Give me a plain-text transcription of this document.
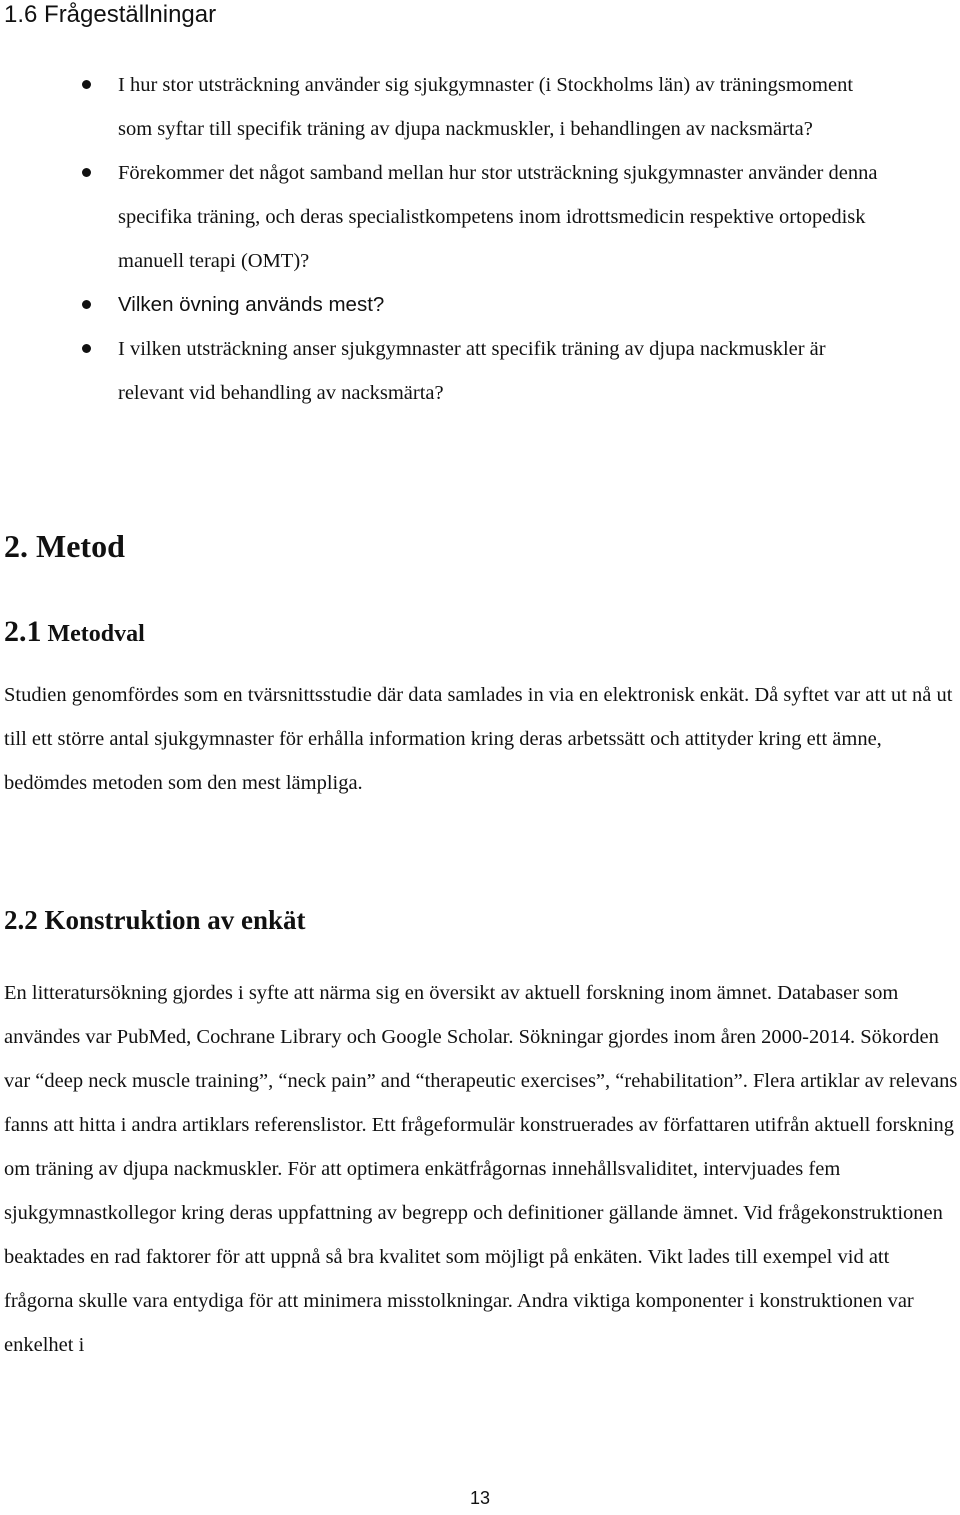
1.6 Frågeställningar
I hur stor utsträckning använder sig sjukgymnaster (i Stockholms län) av träningsmoment som syftar till specifik träning av djupa nackmuskler, i behandlingen av nacksmärta?
Förekommer det något samband mellan hur stor utsträckning sjukgymnaster använder denna specifika träning, och deras specialistkompetens inom idrottsmedicin respektive ortopedisk manuell terapi (OMT)?
Vilken övning används mest?
I vilken utsträckning anser sjukgymnaster att specifik träning av djupa nackmuskler är relevant vid behandling av nacksmärta?
2. Metod
2.1 Metodval

Studien genomfördes som en tvärsnittsstudie där data samlades in via en elektronisk enkät. Då syftet var att ut nå ut till ett större antal sjukgymnaster för erhålla information kring deras arbetssätt och attityder kring ett ämne, bedömdes metoden som den mest lämpliga.

2.2 Konstruktion av enkät

En litteratursökning gjordes i syfte att närma sig en översikt av aktuell forskning inom ämnet. Databaser som användes var PubMed, Cochrane Library och Google Scholar. Sökningar gjordes inom åren 2000-2014. Sökorden var “deep neck muscle training”, “neck pain” and “therapeutic exercises”, “rehabilitation”. Flera artiklar av relevans fanns att hitta i andra artiklars referenslistor. Ett frågeformulär konstruerades av författaren utifrån aktuell forskning om träning av djupa nackmuskler. För att optimera enkätfrågornas innehållsvaliditet, intervjuades fem sjukgymnastkollegor kring deras uppfattning av begrepp och definitioner gällande ämnet. Vid frågekonstruktionen beaktades en rad faktorer för att uppnå så bra kvalitet som möjligt på enkäten. Vikt lades till exempel vid att frågorna skulle vara entydiga för att minimera misstolkningar. Andra viktiga komponenter i konstruktionen var enkelhet i

13
